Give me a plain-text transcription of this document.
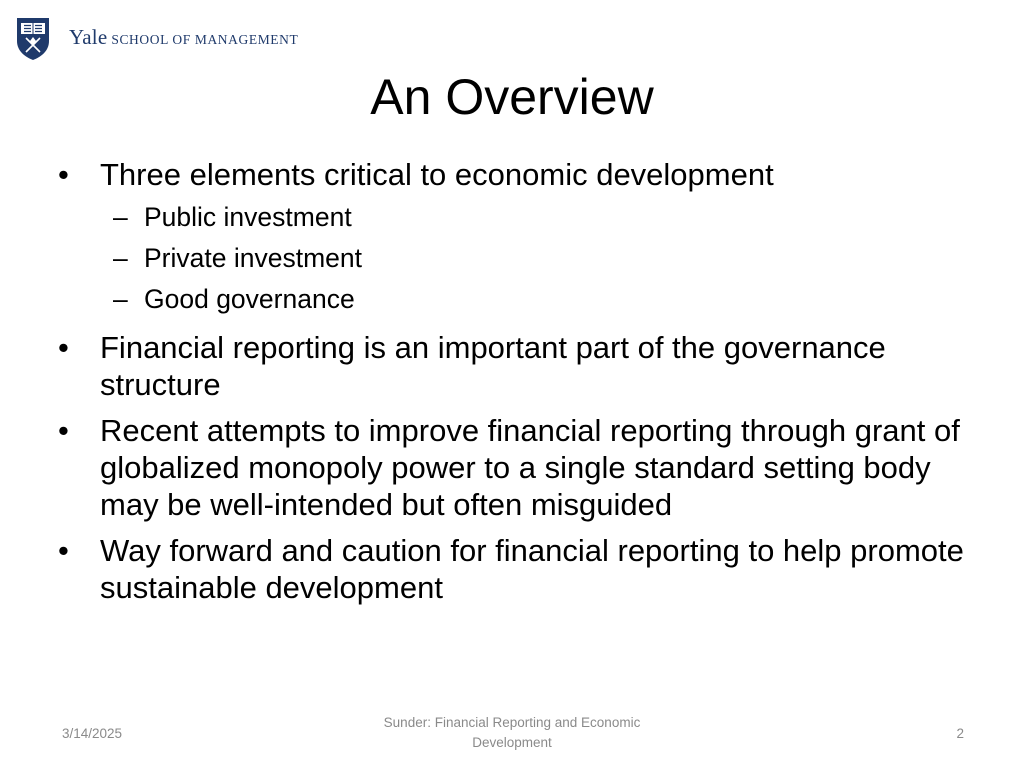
Yale SCHOOL OF MANAGEMENT
An Overview
• Three elements critical to economic development
– Public investment
– Private investment
– Good governance
• Financial reporting is an important part of the governance structure
• Recent attempts to improve financial reporting through grant of globalized monopoly power to a single standard setting body may be well-intended but often misguided
• Way forward and caution for financial reporting to help promote sustainable development
3/14/2025
Sunder: Financial Reporting and Economic Development
2
